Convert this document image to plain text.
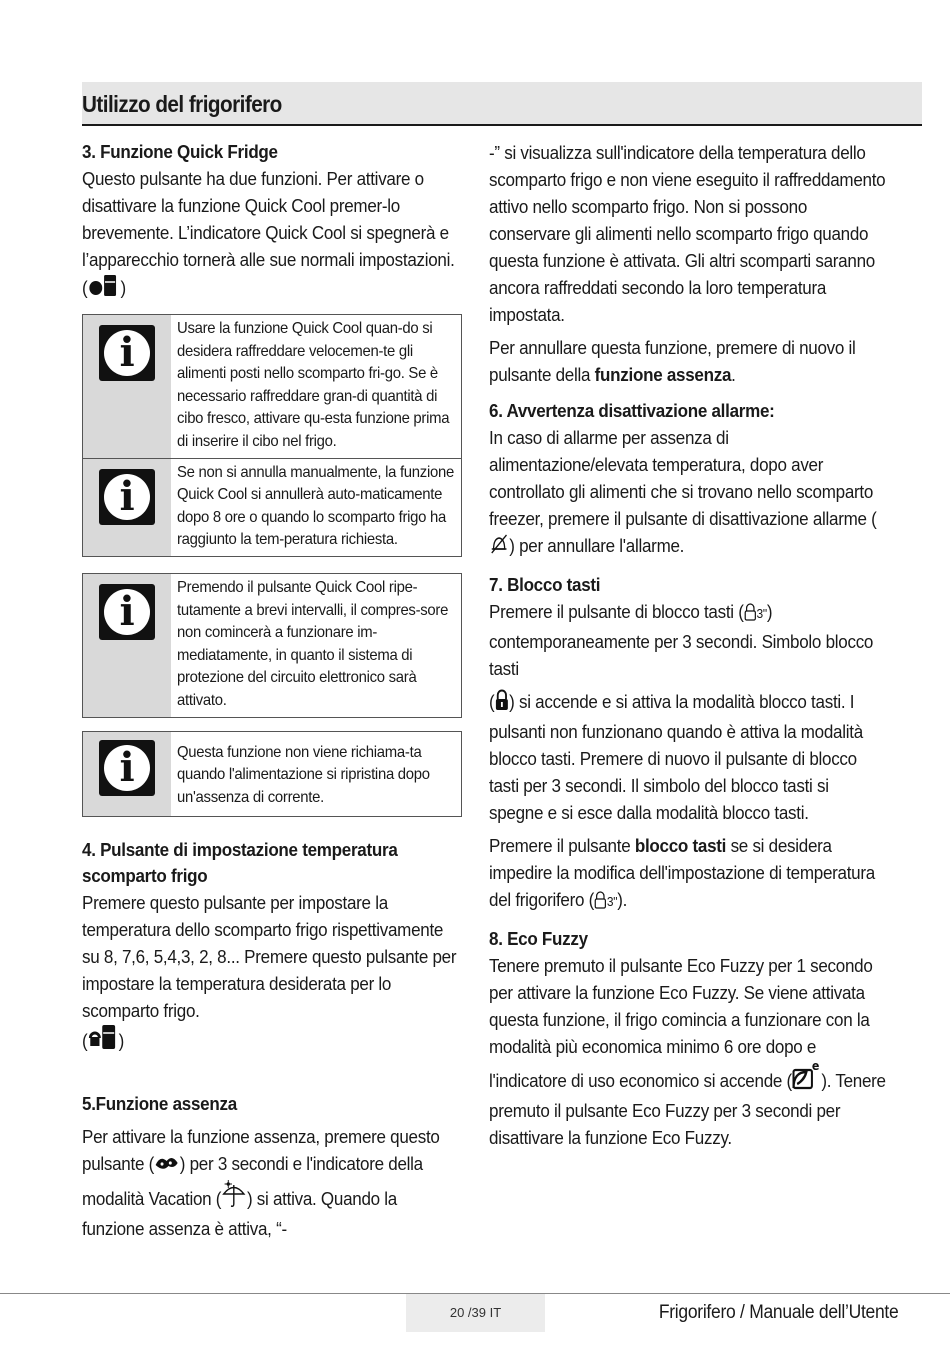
Utilizzo del frigorifero
3. Funzione Quick Fridge

Questo pulsante ha due funzioni. Per attivare o disattivare la funzione Quick Cool premer-lo brevemente. L’indicatore Quick Cool si spegnerà e l’apparecchio tornerà alle sue normali impostazioni. ( )

i
Usare la funzione Quick Cool quan-do si desidera raffreddare velocemen-te gli alimenti posti nello scomparto fri-go. Se è necessario raffreddare gran-di quantità di cibo fresco, attivare qu-esta funzione prima di inserire il cibo nel frigo.
i
Se non si annulla manualmente, la funzione Quick Cool si annullerà auto-maticamente dopo 8 ore o quando lo scomparto frigo ha raggiunto la tem-peratura richiesta.
i
Premendo il pulsante Quick Cool ripe-tutamente a brevi intervalli, il compres-sore non comincerà a funzionare im-mediatamente, in quanto il sistema di protezione del circuito elettronico sarà attivato.
i	Questa funzione non viene richiama-ta quando l'alimentazione si ripristina dopo un'assenza di corrente.
4. Pulsante di impostazione temperatura scomparto frigo

Premere questo pulsante per impostare la temperatura dello scomparto frigo rispettivamente su 8, 7,6, 5,4,3, 2, 8... Premere questo pulsante per impostare la temperatura desiderata per lo scomparto frigo.
( )

5.Funzione assenza

Per attivare la funzione assenza, premere questo pulsante ( ) per 3 secondi e l'indicatore della modalità Vacation ( ) si attiva. Quando la funzione assenza è attiva, “-

-” si visualizza sull'indicatore della temperatura dello scomparto frigo e non viene eseguito il raffreddamento attivo nello scomparto frigo. Non si possono conservare gli alimenti nello scomparto frigo quando questa funzione è attivata. Gli altri scomparti saranno ancora raffreddati secondo la loro temperatura impostata.

Per annullare questa funzione, premere di nuovo il pulsante della funzione assenza.

6. Avvertenza disattivazione allarme:

In caso di allarme per assenza di alimentazione/elevata temperatura, dopo aver controllato gli alimenti che si trovano nello scomparto freezer, premere il pulsante di disattivazione allarme () per annullare l'allarme.

7. Blocco tasti

Premere il pulsante di blocco tasti ( 3") contemporaneamente per 3 secondi. Simbolo blocco tasti

( ) si accende e si attiva la modalità blocco tasti. I pulsanti non funzionano quando è attiva la modalità blocco tasti. Premere di nuovo il pulsante di blocco tasti per 3 secondi. Il simbolo del blocco tasti si spegne e si esce dalla modalità blocco tasti.

Premere il pulsante blocco tasti se si desidera impedire la modifica dell'impostazione di temperatura del frigorifero ( 3").

8. Eco Fuzzy

Tenere premuto il pulsante Eco Fuzzy per 1 secondo per attivare la funzione Eco Fuzzy. Se viene attivata questa funzione, il frigo comincia a funzionare con la modalità più economica minimo 6 ore dopo e l'indicatore di uso economico si accende (
e
). Tenere premuto il pulsante Eco Fuzzy per 3 secondi per disattivare la funzione Eco Fuzzy.

20 /39 IT	Frigorifero / Manuale dell’Utente
